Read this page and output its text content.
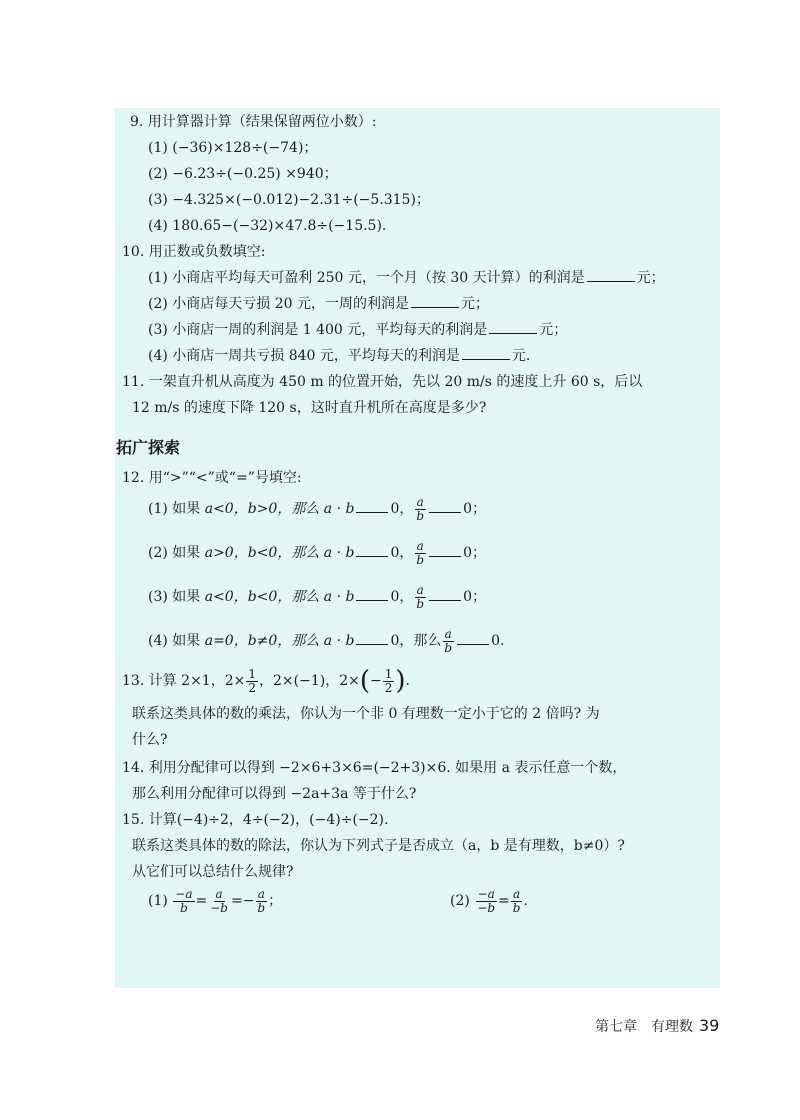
9. 用计算器计算（结果保留两位小数）:
(1) (−36)×128÷(−74)；
(2) −6.23÷(−0.25) ×940；
(3) −4.325×(−0.012)−2.31÷(−5.315)；
(4) 180.65−(−32)×47.8÷(−15.5).
10. 用正数或负数填空:
(1) 小商店平均每天可盈利 250 元，一个月（按 30 天计算）的利润是	元；
(2) 小商店每天亏损 20 元，一周的利润是	元；
(3) 小商店一周的利润是 1 400 元，平均每天的利润是	元；
(4) 小商店一周共亏损 840 元，平均每天的利润是	元.
11. 一架直升机从高度为 450 m 的位置开始，先以 20 m/s 的速度上升 60 s，后以
12 m/s 的速度下降 120 s，这时直升机所在高度是多少?
拓广探索
12. 用“>”“<”或“=”号填空:
(1) 如果 a<0，b>0，那么 a · b	0， $\frac{a}{b}$	0；
(2) 如果 a>0，b<0，那么 a · b	0， $\frac{a}{b}$	0；
(3) 如果 a<0，b<0，那么 a · b	0， $\frac{a}{b}$	0；
(4) 如果 a=0，b≠0，那么 a · b	0，那么 $\frac{a}{b}$	0.
13. 计算 2×1，$2\times \frac{1}{2}$ ，2×(−1)，$2\times(- \frac{1}{2}$ ).
联系这类具体的数的乘法，你认为一个非 0 有理数一定小于它的 2 倍吗? 为
什么?
14. 利用分配律可以得到 −2×6+3×6=(−2+3)×6. 如果用 a 表示任意一个数，
那么利用分配律可以得到 −2a+3a 等于什么?
15. 计算(−4)÷2，4÷(−2)，(−4)÷(−2).
联系这类具体的数的除法，你认为下列式子是否成立（a，b 是有理数，b≠0）?
从它们可以总结什么规律?
$(1) \frac{-a}{b} = \frac{a}{-b} =- \frac{a}{b}$ ；	$(2) \frac{-a}{-b} = \frac{a}{b}$ .
第七章　有理数 39
